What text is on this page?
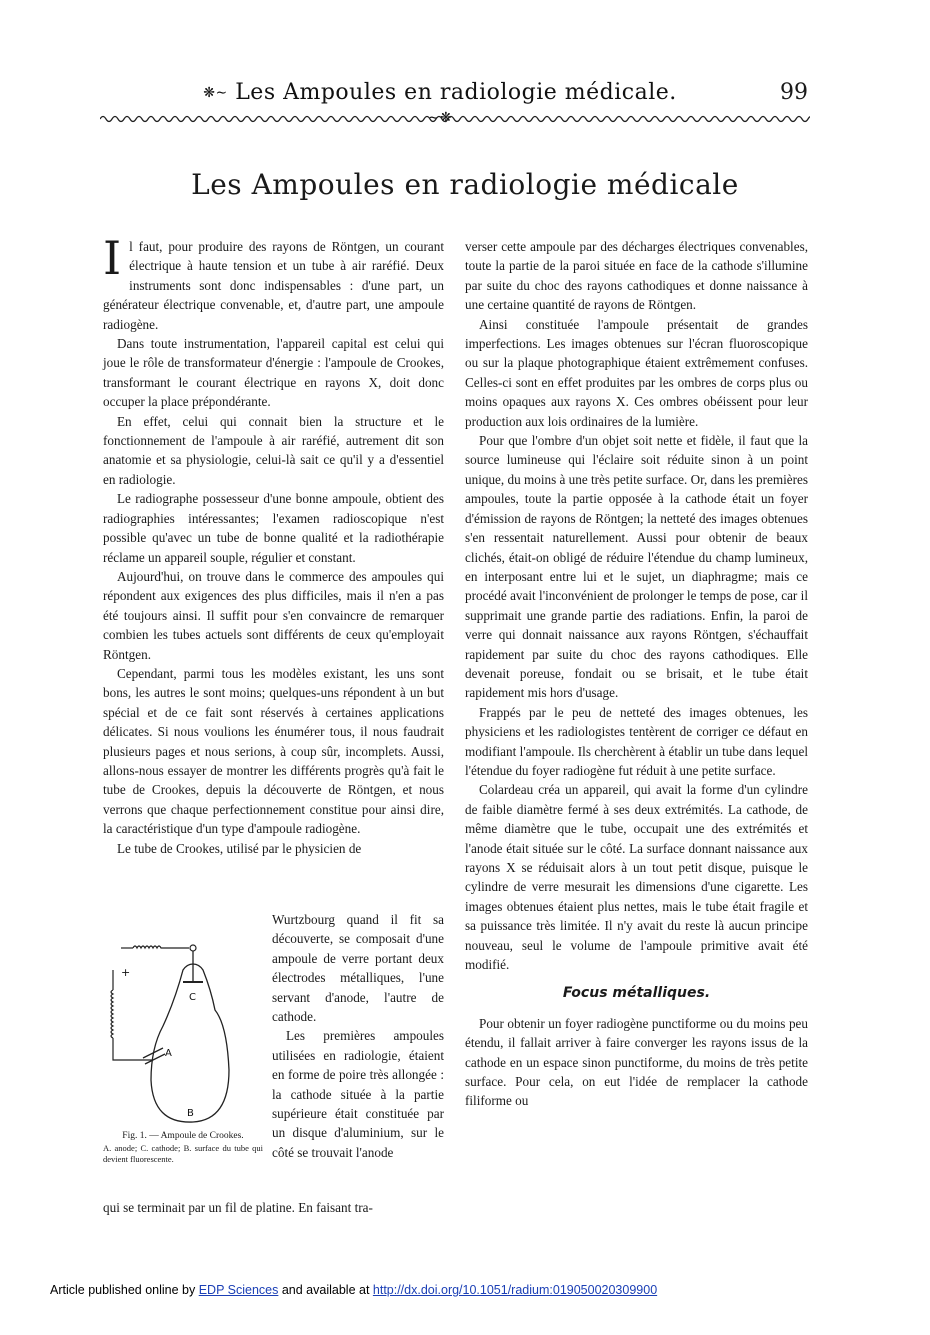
❋∼ Les Ampoules en radiologie médicale. ∼❋
99
Les Ampoules en radiologie médicale

Il faut, pour produire des rayons de Röntgen, un courant électrique à haute tension et un tube à air raréfié. Deux instruments sont donc indispensables : d'une part, un générateur électrique convenable, et, d'autre part, une ampoule radiogène.

Dans toute instrumentation, l'appareil capital est celui qui joue le rôle de transformateur d'énergie : l'ampoule de Crookes, transformant le courant électrique en rayons X, doit donc occuper la place prépondérante.

En effet, celui qui connait bien la structure et le fonctionnement de l'ampoule à air raréfié, autrement dit son anatomie et sa physiologie, celui-là sait ce qu'il y a d'essentiel en radiologie.

Le radiographe possesseur d'une bonne ampoule, obtient des radiographies intéressantes; l'examen radioscopique n'est possible qu'avec un tube de bonne qualité et la radiothérapie réclame un appareil souple, régulier et constant.

Aujourd'hui, on trouve dans le commerce des ampoules qui répondent aux exigences des plus difficiles, mais il n'en a pas été toujours ainsi. Il suffit pour s'en convaincre de remarquer combien les tubes actuels sont différents de ceux qu'employait Röntgen.

Cependant, parmi tous les modèles existant, les uns sont bons, les autres le sont moins; quelques-uns répondent à un but spécial et de ce fait sont réservés à certaines applications délicates. Si nous voulions les énumérer tous, il nous faudrait plusieurs pages et nous serions, à coup sûr, incomplets. Aussi, allons-nous essayer de montrer les différents progrès qu'à fait le tube de Crookes, depuis la découverte de Röntgen, et nous verrons que chaque perfectionnement constitue pour ainsi dire, la caractéristique d'un type d'ampoule radiogène.

Le tube de Crookes, utilisé par le physicien de

+
C
A
B
Fig. 1. — Ampoule de Crookes.
A. anode; C. cathode; B. surface du tube qui devient fluorescente.

Wurtzbourg quand il fit sa découverte, se composait d'une ampoule de verre portant deux électrodes métalliques, l'une servant d'anode, l'autre de cathode.

Les premières ampoules utilisées en radiologie, étaient en forme de poire très allongée : la cathode située à la partie supérieure était constituée par un disque d'aluminium, sur le côté se trouvait l'anode

qui se terminait par un fil de platine. En faisant tra-

verser cette ampoule par des décharges électriques convenables, toute la partie de la paroi située en face de la cathode s'illumine par suite du choc des rayons cathodiques et donne naissance à une certaine quantité de rayons de Röntgen.

Ainsi constituée l'ampoule présentait de grandes imperfections. Les images obtenues sur l'écran fluoroscopique ou sur la plaque photographique étaient extrêmement confuses. Celles-ci sont en effet produites par les ombres de corps plus ou moins opaques aux rayons X. Ces ombres obéissent pour leur production aux lois ordinaires de la lumière.

Pour que l'ombre d'un objet soit nette et fidèle, il faut que la source lumineuse qui l'éclaire soit réduite sinon à un point unique, du moins à une très petite surface. Or, dans les premières ampoules, toute la partie opposée à la cathode était un foyer d'émission de rayons de Röntgen; la netteté des images obtenues s'en ressentait naturellement. Aussi pour obtenir de beaux clichés, était-on obligé de réduire l'étendue du champ lumineux, en interposant entre lui et le sujet, un diaphragme; mais ce procédé avait l'inconvénient de prolonger le temps de pose, car il supprimait une grande partie des radiations. Enfin, la paroi de verre qui donnait naissance aux rayons Röntgen, s'échauffait rapidement par suite du choc des rayons cathodiques. Elle devenait poreuse, fondait ou se brisait, et le tube était rapidement mis hors d'usage.

Frappés par le peu de netteté des images obtenues, les physiciens et les radiologistes tentèrent de corriger ce défaut en modifiant l'ampoule. Ils cherchèrent à établir un tube dans lequel l'étendue du foyer radiogène fut réduit à une petite surface.

Colardeau créa un appareil, qui avait la forme d'un cylindre de faible diamètre fermé à ses deux extrémités. La cathode, de même diamètre que le tube, occupait une des extrémités et l'anode était située sur le côté. La surface donnant naissance aux rayons X se réduisait alors à un tout petit disque, puisque le cylindre de verre mesurait les dimensions d'une cigarette. Les images obtenues étaient plus nettes, mais le tube était fragile et sa puissance très limitée. Il n'y avait du reste là aucun principe nouveau, seul le volume de l'ampoule primitive avait été modifié.

Focus métalliques.

Pour obtenir un foyer radiogène punctiforme ou du moins peu étendu, il fallait arriver à faire converger les rayons issus de la cathode en un espace sinon punctiforme, du moins de très petite surface. Pour cela, on eut l'idée de remplacer la cathode filiforme ou

Article published online by EDP Sciences and available at http://dx.doi.org/10.1051/radium:019050020309900
